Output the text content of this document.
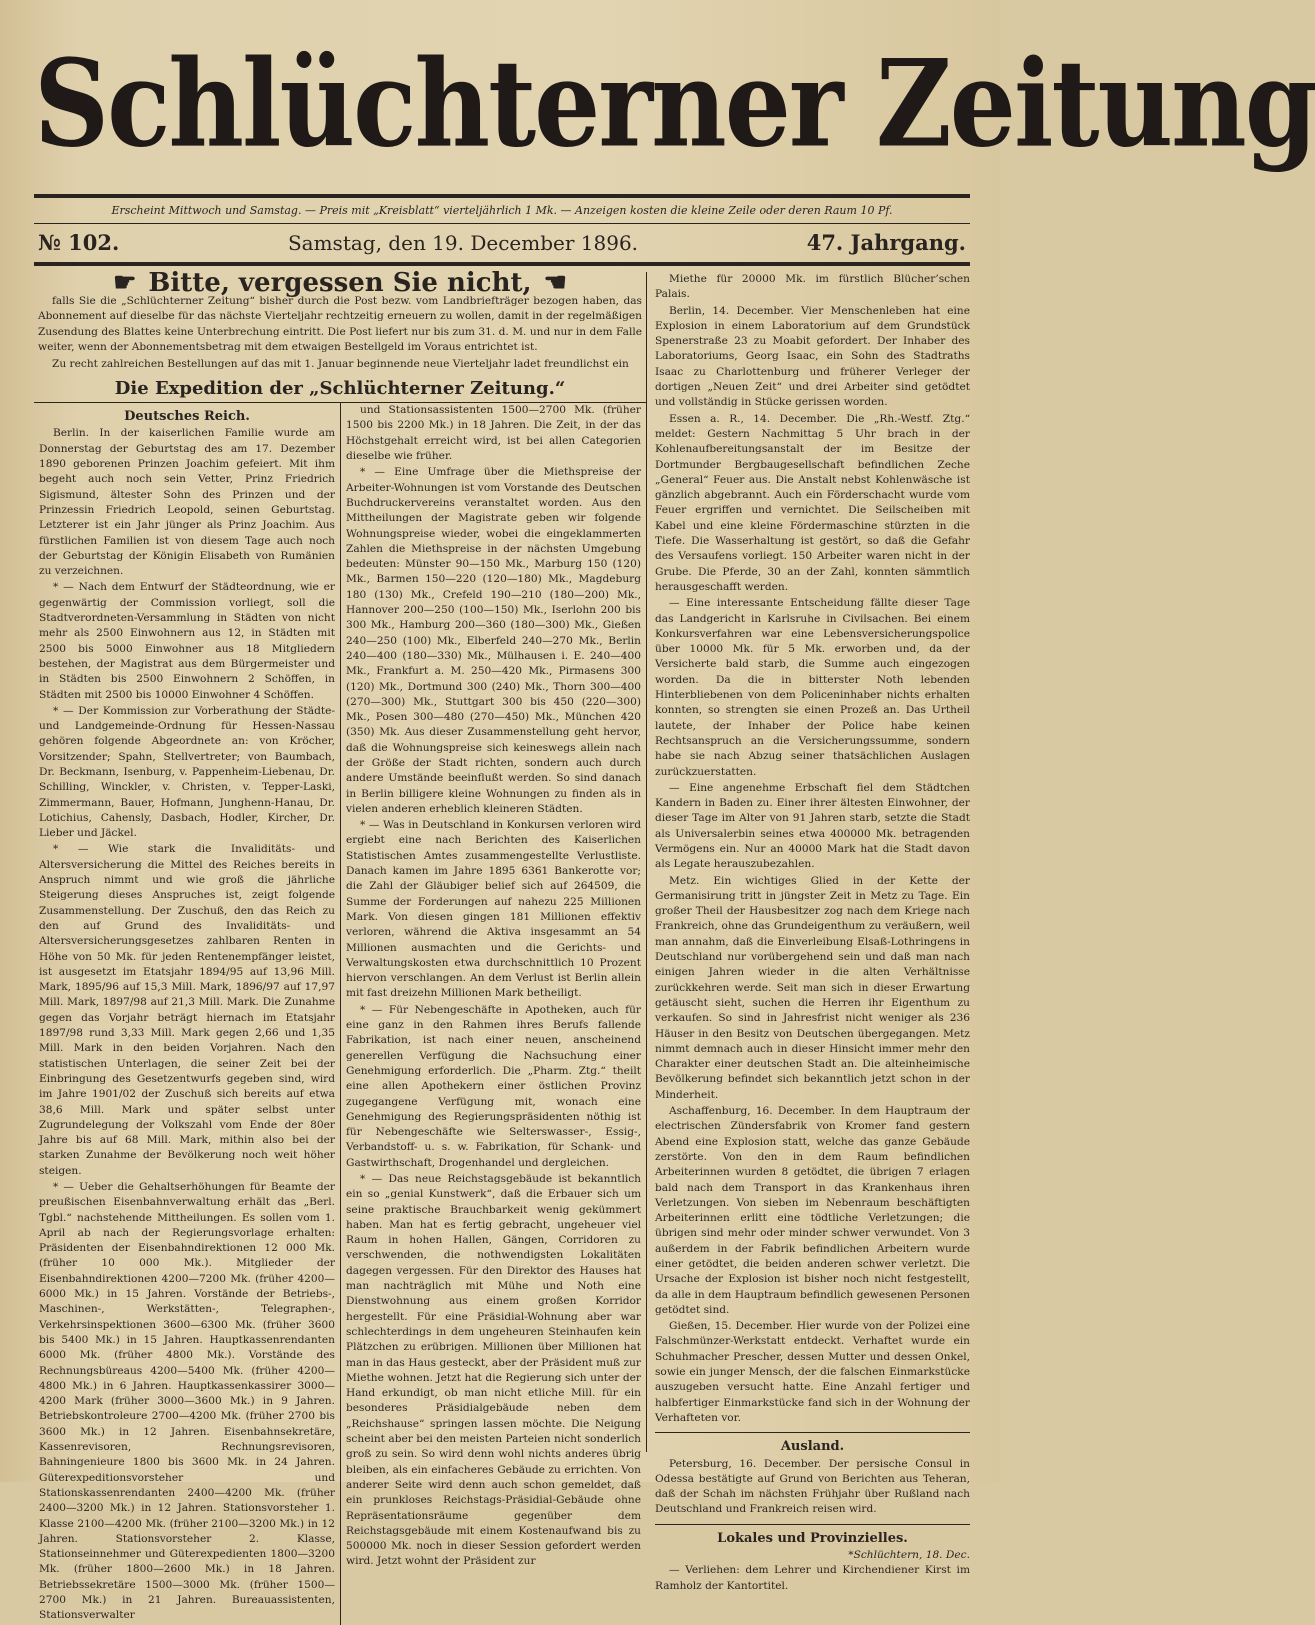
Schlüchterner Zeitung
Erscheint Mittwoch und Samstag. — Preis mit „Kreisblatt“ vierteljährlich 1 Mk. — Anzeigen kosten die kleine Zeile oder deren Raum 10 Pf.
№ 102.	Samstag, den 19. December 1896.	47. Jahrgang.
☛ Bitte, vergessen Sie nicht, ☚

falls Sie die „Schlüchterner Zeitung“ bisher durch die Post bezw. vom Landbriefträger bezogen haben, das Abonnement auf dieselbe für das nächste Vierteljahr rechtzeitig erneuern zu wollen, damit in der regelmäßigen Zusendung des Blattes keine Unterbrechung eintritt. Die Post liefert nur bis zum 31. d. M. und nur in dem Falle weiter, wenn der Abonnementsbetrag mit dem etwaigen Bestellgeld im Voraus entrichtet ist.

Zu recht zahlreichen Bestellungen auf das mit 1. Januar beginnende neue Vierteljahr ladet freundlichst ein

Die Expedition der „Schlüchterner Zeitung.“
Deutsches Reich.

Berlin. In der kaiserlichen Familie wurde am Donnerstag der Geburtstag des am 17. Dezember 1890 geborenen Prinzen Joachim gefeiert. Mit ihm begeht auch noch sein Vetter, Prinz Friedrich Sigismund, ältester Sohn des Prinzen und der Prinzessin Friedrich Leopold, seinen Geburtstag. Letzterer ist ein Jahr jünger als Prinz Joachim. Aus fürstlichen Familien ist von diesem Tage auch noch der Geburtstag der Königin Elisabeth von Rumänien zu verzeichnen.

* — Nach dem Entwurf der Städteordnung, wie er gegenwärtig der Commission vorliegt, soll die Stadtverordneten-Versammlung in Städten von nicht mehr als 2500 Einwohnern aus 12, in Städten mit 2500 bis 5000 Einwohner aus 18 Mitgliedern bestehen, der Magistrat aus dem Bürgermeister und in Städten bis 2500 Einwohnern 2 Schöffen, in Städten mit 2500 bis 10000 Einwohner 4 Schöffen.

* — Der Kommission zur Vorberathung der Städte- und Landgemeinde-Ordnung für Hessen-Nassau gehören folgende Abgeordnete an: von Kröcher, Vorsitzender; Spahn, Stellvertreter; von Baumbach, Dr. Beckmann, Isenburg, v. Pappenheim-Liebenau, Dr. Schilling, Winckler, v. Christen, v. Tepper-Laski, Zimmermann, Bauer, Hofmann, Junghenn-Hanau, Dr. Lotichius, Cahensly, Dasbach, Hodler, Kircher, Dr. Lieber und Jäckel.

* — Wie stark die Invaliditäts- und Altersversicherung die Mittel des Reiches bereits in Anspruch nimmt und wie groß die jährliche Steigerung dieses Anspruches ist, zeigt folgende Zusammenstellung. Der Zuschuß, den das Reich zu den auf Grund des Invaliditäts- und Altersversicherungsgesetzes zahlbaren Renten in Höhe von 50 Mk. für jeden Rentenempfänger leistet, ist ausgesetzt im Etatsjahr 1894/95 auf 13,96 Mill. Mark, 1895/96 auf 15,3 Mill. Mark, 1896/97 auf 17,97 Mill. Mark, 1897/98 auf 21,3 Mill. Mark. Die Zunahme gegen das Vorjahr beträgt hiernach im Etatsjahr 1897/98 rund 3,33 Mill. Mark gegen 2,66 und 1,35 Mill. Mark in den beiden Vorjahren. Nach den statistischen Unterlagen, die seiner Zeit bei der Einbringung des Gesetzentwurfs gegeben sind, wird im Jahre 1901/02 der Zuschuß sich bereits auf etwa 38,6 Mill. Mark und später selbst unter Zugrundelegung der Volkszahl vom Ende der 80er Jahre bis auf 68 Mill. Mark, mithin also bei der starken Zunahme der Bevölkerung noch weit höher steigen.

* — Ueber die Gehaltserhöhungen für Beamte der preußischen Eisenbahnverwaltung erhält das „Berl. Tgbl.“ nachstehende Mittheilungen. Es sollen vom 1. April ab nach der Regierungsvorlage erhalten: Präsidenten der Eisenbahndirektionen 12 000 Mk. (früher 10 000 Mk.). Mitglieder der Eisenbahndirektionen 4200—7200 Mk. (früher 4200—6000 Mk.) in 15 Jahren. Vorstände der Betriebs-, Maschinen-, Werkstätten-, Telegraphen-, Verkehrsinspektionen 3600—6300 Mk. (früher 3600 bis 5400 Mk.) in 15 Jahren. Hauptkassenrendanten 6000 Mk. (früher 4800 Mk.). Vorstände des Rechnungsbüreaus 4200—5400 Mk. (früher 4200—4800 Mk.) in 6 Jahren. Hauptkassenkassirer 3000—4200 Mark (früher 3000—3600 Mk.) in 9 Jahren. Betriebskontroleure 2700—4200 Mk. (früher 2700 bis 3600 Mk.) in 12 Jahren. Eisenbahnsekretäre, Kassenrevisoren, Rechnungsrevisoren, Bahningenieure 1800 bis 3600 Mk. in 24 Jahren. Güterexpeditionsvorsteher und Stationskassenrendanten 2400—4200 Mk. (früher 2400—3200 Mk.) in 12 Jahren. Stationsvorsteher 1. Klasse 2100—4200 Mk. (früher 2100—3200 Mk.) in 12 Jahren. Stationsvorsteher 2. Klasse, Stationseinnehmer und Güterexpedienten 1800—3200 Mk. (früher 1800—2600 Mk.) in 18 Jahren. Betriebssekretäre 1500—3000 Mk. (früher 1500—2700 Mk.) in 21 Jahren. Bureauassistenten, Stationsverwalter

und Stationsassistenten 1500—2700 Mk. (früher 1500 bis 2200 Mk.) in 18 Jahren. Die Zeit, in der das Höchstgehalt erreicht wird, ist bei allen Categorien dieselbe wie früher.

* — Eine Umfrage über die Miethspreise der Arbeiter-Wohnungen ist vom Vorstande des Deutschen Buchdruckervereins veranstaltet worden. Aus den Mittheilungen der Magistrate geben wir folgende Wohnungspreise wieder, wobei die eingeklammerten Zahlen die Miethspreise in der nächsten Umgebung bedeuten: Münster 90—150 Mk., Marburg 150 (120) Mk., Barmen 150—220 (120—180) Mk., Magdeburg 180 (130) Mk., Crefeld 190—210 (180—200) Mk., Hannover 200—250 (100—150) Mk., Iserlohn 200 bis 300 Mk., Hamburg 200—360 (180—300) Mk., Gießen 240—250 (100) Mk., Elberfeld 240—270 Mk., Berlin 240—400 (180—330) Mk., Mülhausen i. E. 240—400 Mk., Frankfurt a. M. 250—420 Mk., Pirmasens 300 (120) Mk., Dortmund 300 (240) Mk., Thorn 300—400 (270—300) Mk., Stuttgart 300 bis 450 (220—300) Mk., Posen 300—480 (270—450) Mk., München 420 (350) Mk. Aus dieser Zusammenstellung geht hervor, daß die Wohnungspreise sich keineswegs allein nach der Größe der Stadt richten, sondern auch durch andere Umstände beeinflußt werden. So sind danach in Berlin billigere kleine Wohnungen zu finden als in vielen anderen erheblich kleineren Städten.

* — Was in Deutschland in Konkursen verloren wird ergiebt eine nach Berichten des Kaiserlichen Statistischen Amtes zusammengestellte Verlustliste. Danach kamen im Jahre 1895 6361 Bankerotte vor; die Zahl der Gläubiger belief sich auf 264509, die Summe der Forderungen auf nahezu 225 Millionen Mark. Von diesen gingen 181 Millionen effektiv verloren, während die Aktiva insgesammt an 54 Millionen ausmachten und die Gerichts- und Verwaltungskosten etwa durchschnittlich 10 Prozent hiervon verschlangen. An dem Verlust ist Berlin allein mit fast dreizehn Millionen Mark betheiligt.

* — Für Nebengeschäfte in Apotheken, auch für eine ganz in den Rahmen ihres Berufs fallende Fabrikation, ist nach einer neuen, anscheinend generellen Verfügung die Nachsuchung einer Genehmigung erforderlich. Die „Pharm. Ztg.“ theilt eine allen Apothekern einer östlichen Provinz zugegangene Verfügung mit, wonach eine Genehmigung des Regierungspräsidenten nöthig ist für Nebengeschäfte wie Selterswasser-, Essig-, Verbandstoff- u. s. w. Fabrikation, für Schank- und Gastwirthschaft, Drogenhandel und dergleichen.

* — Das neue Reichstagsgebäude ist bekanntlich ein so „genial Kunstwerk“, daß die Erbauer sich um seine praktische Brauchbarkeit wenig gekümmert haben. Man hat es fertig gebracht, ungeheuer viel Raum in hohen Hallen, Gängen, Corridoren zu verschwenden, die nothwendigsten Lokalitäten dagegen vergessen. Für den Direktor des Hauses hat man nachträglich mit Mühe und Noth eine Dienstwohnung aus einem großen Korridor hergestellt. Für eine Präsidial-Wohnung aber war schlechterdings in dem ungeheuren Steinhaufen kein Plätzchen zu erübrigen. Millionen über Millionen hat man in das Haus gesteckt, aber der Präsident muß zur Miethe wohnen. Jetzt hat die Regierung sich unter der Hand erkundigt, ob man nicht etliche Mill. für ein besonderes Präsidialgebäude neben dem „Reichshause“ springen lassen möchte. Die Neigung scheint aber bei den meisten Parteien nicht sonderlich groß zu sein. So wird denn wohl nichts anderes übrig bleiben, als ein einfacheres Gebäude zu errichten. Von anderer Seite wird denn auch schon gemeldet, daß ein prunkloses Reichstags-Präsidial-Gebäude ohne Repräsentationsräume gegenüber dem Reichstagsgebäude mit einem Kostenaufwand bis zu 500000 Mk. noch in dieser Session gefordert werden wird. Jetzt wohnt der Präsident zur

Miethe für 20000 Mk. im fürstlich Blücher’schen Palais.

Berlin, 14. December. Vier Menschenleben hat eine Explosion in einem Laboratorium auf dem Grundstück Spenerstraße 23 zu Moabit gefordert. Der Inhaber des Laboratoriums, Georg Isaac, ein Sohn des Stadtraths Isaac zu Charlottenburg und früherer Verleger der dortigen „Neuen Zeit“ und drei Arbeiter sind getödtet und vollständig in Stücke gerissen worden.

Essen a. R., 14. December. Die „Rh.-Westf. Ztg.“ meldet: Gestern Nachmittag 5 Uhr brach in der Kohlenaufbereitungsanstalt der im Besitze der Dortmunder Bergbaugesellschaft befindlichen Zeche „General“ Feuer aus. Die Anstalt nebst Kohlenwäsche ist gänzlich abgebrannt. Auch ein Förderschacht wurde vom Feuer ergriffen und vernichtet. Die Seilscheiben mit Kabel und eine kleine Fördermaschine stürzten in die Tiefe. Die Wasserhaltung ist gestört, so daß die Gefahr des Versaufens vorliegt. 150 Arbeiter waren nicht in der Grube. Die Pferde, 30 an der Zahl, konnten sämmtlich herausgeschafft werden.

— Eine interessante Entscheidung fällte dieser Tage das Landgericht in Karlsruhe in Civilsachen. Bei einem Konkursverfahren war eine Lebensversicherungspolice über 10000 Mk. für 5 Mk. erworben und, da der Versicherte bald starb, die Summe auch eingezogen worden. Da die in bitterster Noth lebenden Hinterbliebenen von dem Policeninhaber nichts erhalten konnten, so strengten sie einen Prozeß an. Das Urtheil lautete, der Inhaber der Police habe keinen Rechtsanspruch an die Versicherungssumme, sondern habe sie nach Abzug seiner thatsächlichen Auslagen zurückzuerstatten.

— Eine angenehme Erbschaft fiel dem Städtchen Kandern in Baden zu. Einer ihrer ältesten Einwohner, der dieser Tage im Alter von 91 Jahren starb, setzte die Stadt als Universalerbin seines etwa 400000 Mk. betragenden Vermögens ein. Nur an 40000 Mark hat die Stadt davon als Legate herauszubezahlen.

Metz. Ein wichtiges Glied in der Kette der Germanisirung tritt in jüngster Zeit in Metz zu Tage. Ein großer Theil der Hausbesitzer zog nach dem Kriege nach Frankreich, ohne das Grundeigenthum zu veräußern, weil man annahm, daß die Einverleibung Elsaß-Lothringens in Deutschland nur vorübergehend sein und daß man nach einigen Jahren wieder in die alten Verhältnisse zurückkehren werde. Seit man sich in dieser Erwartung getäuscht sieht, suchen die Herren ihr Eigenthum zu verkaufen. So sind in Jahresfrist nicht weniger als 236 Häuser in den Besitz von Deutschen übergegangen. Metz nimmt demnach auch in dieser Hinsicht immer mehr den Charakter einer deutschen Stadt an. Die alteinheimische Bevölkerung befindet sich bekanntlich jetzt schon in der Minderheit.

Aschaffenburg, 16. December. In dem Hauptraum der electrischen Zündersfabrik von Kromer fand gestern Abend eine Explosion statt, welche das ganze Gebäude zerstörte. Von den in dem Raum befindlichen Arbeiterinnen wurden 8 getödtet, die übrigen 7 erlagen bald nach dem Transport in das Krankenhaus ihren Verletzungen. Von sieben im Nebenraum beschäftigten Arbeiterinnen erlitt eine tödtliche Verletzungen; die übrigen sind mehr oder minder schwer verwundet. Von 3 außerdem in der Fabrik befindlichen Arbeitern wurde einer getödtet, die beiden anderen schwer verletzt. Die Ursache der Explosion ist bisher noch nicht festgestellt, da alle in dem Hauptraum befindlich gewesenen Personen getödtet sind.

Gießen, 15. December. Hier wurde von der Polizei eine Falschmünzer-Werkstatt entdeckt. Verhaftet wurde ein Schuhmacher Prescher, dessen Mutter und dessen Onkel, sowie ein junger Mensch, der die falschen Einmarkstücke auszugeben versucht hatte. Eine Anzahl fertiger und halbfertiger Einmarkstücke fand sich in der Wohnung der Verhafteten vor.

Ausland.

Petersburg, 16. December. Der persische Consul in Odessa bestätigte auf Grund von Berichten aus Teheran, daß der Schah im nächsten Frühjahr über Rußland nach Deutschland und Frankreich reisen wird.

Lokales und Provinzielles.
*Schlüchtern, 18. Dec.

— Verliehen: dem Lehrer und Kirchendiener Kirst im Ramholz der Kantortitel.
